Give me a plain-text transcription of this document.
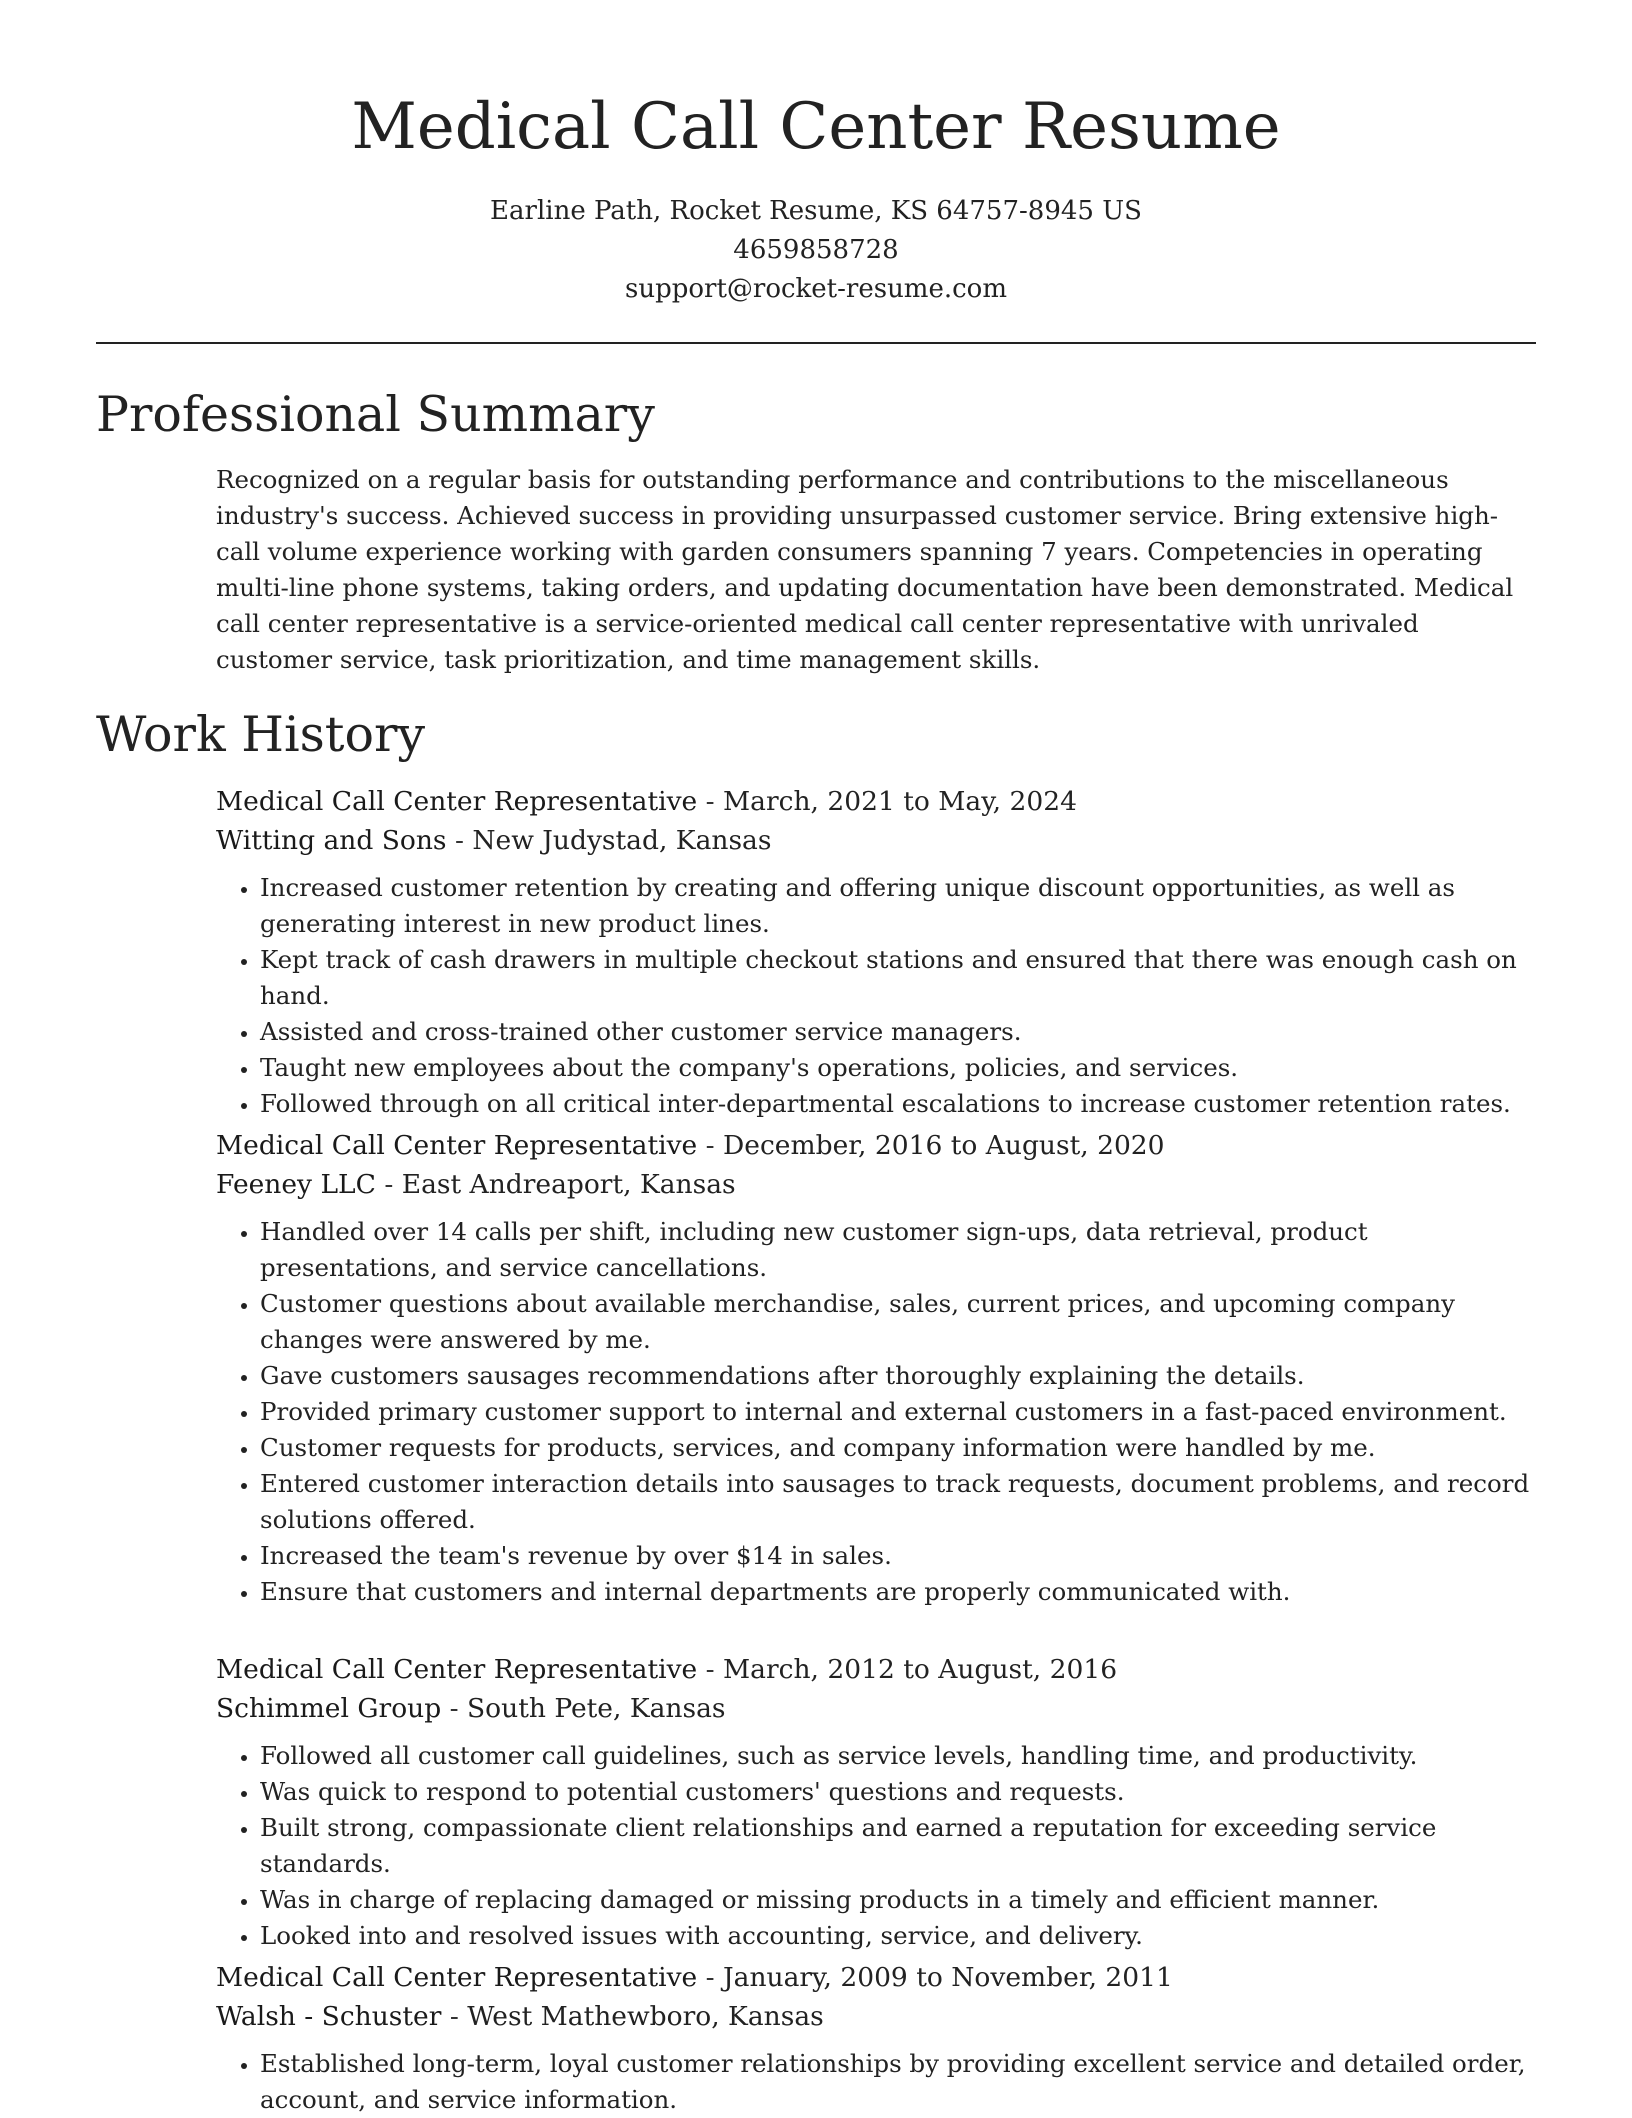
Medical Call Center Resume
Earline Path, Rocket Resume, KS 64757-8945 US
4659858728
support@rocket-resume.com
Professional Summary
Recognized on a regular basis for outstanding performance and contributions to the miscellaneous industry's success. Achieved success in providing unsurpassed customer service. Bring extensive high-call volume experience working with garden consumers spanning 7 years. Competencies in operating multi-line phone systems, taking orders, and updating documentation have been demonstrated. Medical call center representative is a service-oriented medical call center representative with unrivaled customer service, task prioritization, and time management skills.
Work History
Medical Call Center Representative - March, 2021 to May, 2024
Witting and Sons - New Judystad, Kansas
• Increased customer retention by creating and offering unique discount opportunities, as well as generating interest in new product lines.
• Kept track of cash drawers in multiple checkout stations and ensured that there was enough cash on hand.
• Assisted and cross-trained other customer service managers.
• Taught new employees about the company's operations, policies, and services.
• Followed through on all critical inter-departmental escalations to increase customer retention rates.
Medical Call Center Representative - December, 2016 to August, 2020
Feeney LLC - East Andreaport, Kansas
• Handled over 14 calls per shift, including new customer sign-ups, data retrieval, product presentations, and service cancellations.
• Customer questions about available merchandise, sales, current prices, and upcoming company changes were answered by me.
• Gave customers sausages recommendations after thoroughly explaining the details.
• Provided primary customer support to internal and external customers in a fast-paced environment.
• Customer requests for products, services, and company information were handled by me.
• Entered customer interaction details into sausages to track requests, document problems, and record solutions offered.
• Increased the team's revenue by over $14 in sales.
• Ensure that customers and internal departments are properly communicated with.
Medical Call Center Representative - March, 2012 to August, 2016
Schimmel Group - South Pete, Kansas
• Followed all customer call guidelines, such as service levels, handling time, and productivity.
• Was quick to respond to potential customers' questions and requests.
• Built strong, compassionate client relationships and earned a reputation for exceeding service standards.
• Was in charge of replacing damaged or missing products in a timely and efficient manner.
• Looked into and resolved issues with accounting, service, and delivery.
Medical Call Center Representative - January, 2009 to November, 2011
Walsh - Schuster - West Mathewboro, Kansas
• Established long-term, loyal customer relationships by providing excellent service and detailed order, account, and service information.
